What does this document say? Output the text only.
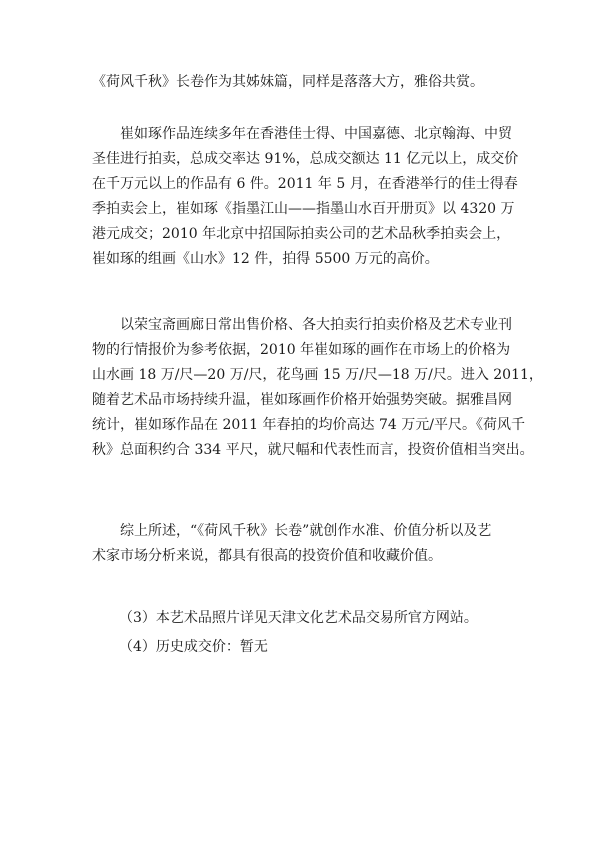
《荷风千秋》长卷作为其姊妹篇，同样是落落大方，雅俗共赏。

崔如琢作品连续多年在香港佳士得、中国嘉德、北京翰海、中贸
圣佳进行拍卖，总成交率达 91%，总成交额达 11 亿元以上，成交价
在千万元以上的作品有 6 件。2011 年 5 月，在香港举行的佳士得春
季拍卖会上，崔如琢《指墨江山——指墨山水百开册页》以 4320 万
港元成交；2010 年北京中招国际拍卖公司的艺术品秋季拍卖会上，
崔如琢的组画《山水》12 件，拍得 5500 万元的高价。

以荣宝斋画廊日常出售价格、各大拍卖行拍卖价格及艺术专业刊
物的行情报价为参考依据，2010 年崔如琢的画作在市场上的价格为
山水画 18 万/尺—20 万/尺，花鸟画 15 万/尺—18 万/尺。进入 2011，
随着艺术品市场持续升温，崔如琢画作价格开始强势突破。据雅昌网
统计，崔如琢作品在 2011 年春拍的均价高达 74 万元/平尺。《荷风千
秋》总面积约合 334 平尺，就尺幅和代表性而言，投资价值相当突出。

综上所述，“《荷风千秋》长卷”就创作水准、价值分析以及艺
术家市场分析来说，都具有很高的投资价值和收藏价值。

（3）本艺术品照片详见天津文化艺术品交易所官方网站。

（4）历史成交价：暂无
